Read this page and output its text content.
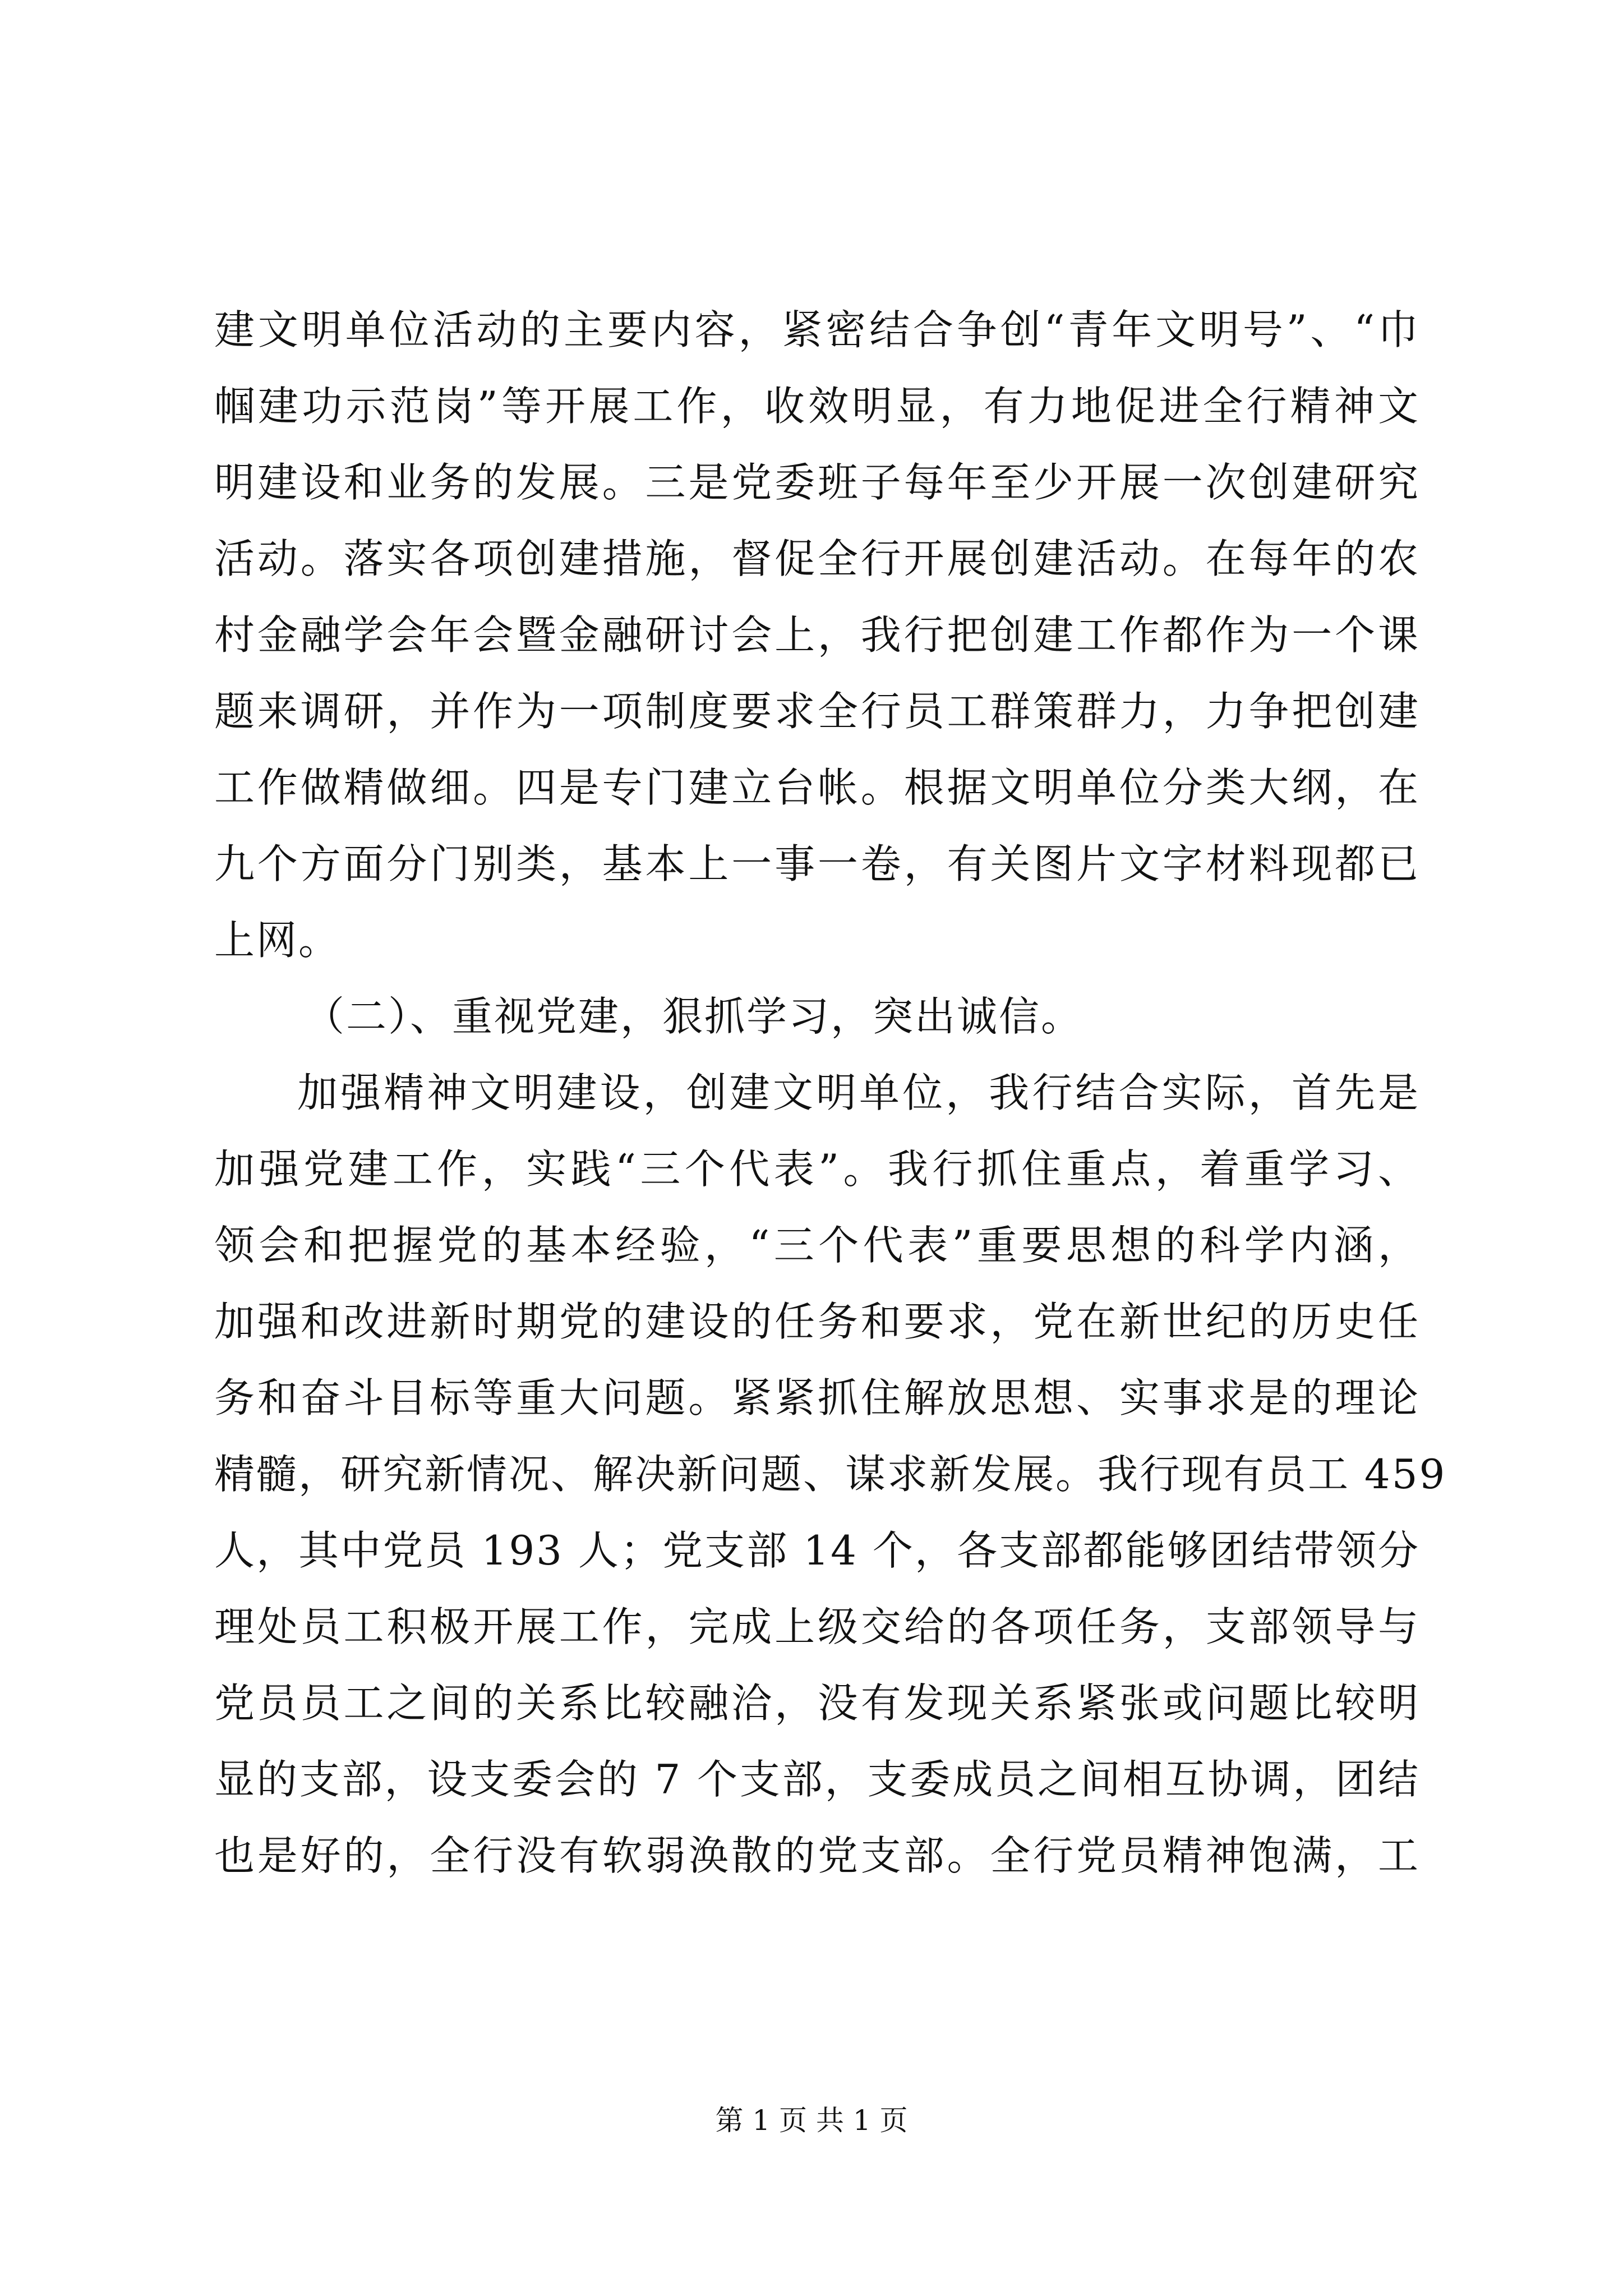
建文明单位活动的主要内容，紧密结合争创“青年文明号”、“巾
帼建功示范岗”等开展工作，收效明显，有力地促进全行精神文
明建设和业务的发展。三是党委班子每年至少开展一次创建研究
活动。落实各项创建措施，督促全行开展创建活动。在每年的农
村金融学会年会暨金融研讨会上，我行把创建工作都作为一个课
题来调研，并作为一项制度要求全行员工群策群力，力争把创建
工作做精做细。四是专门建立台帐。根据文明单位分类大纲，在
九个方面分门别类，基本上一事一卷，有关图片文字材料现都已
上网。
（二）、重视党建，狠抓学习，突出诚信。
加强精神文明建设，创建文明单位，我行结合实际，首先是
加强党建工作，实践“三个代表”。我行抓住重点，着重学习、
领会和把握党的基本经验，“三个代表”重要思想的科学内涵，
加强和改进新时期党的建设的任务和要求，党在新世纪的历史任
务和奋斗目标等重大问题。紧紧抓住解放思想、实事求是的理论
精髓，研究新情况、解决新问题、谋求新发展。我行现有员工 459
人，其中党员 193 人；党支部 14 个，各支部都能够团结带领分
理处员工积极开展工作，完成上级交给的各项任务，支部领导与
党员员工之间的关系比较融洽，没有发现关系紧张或问题比较明
显的支部，设支委会的 7 个支部，支委成员之间相互协调，团结
也是好的，全行没有软弱涣散的党支部。全行党员精神饱满，工
第 1 页 共 1 页
